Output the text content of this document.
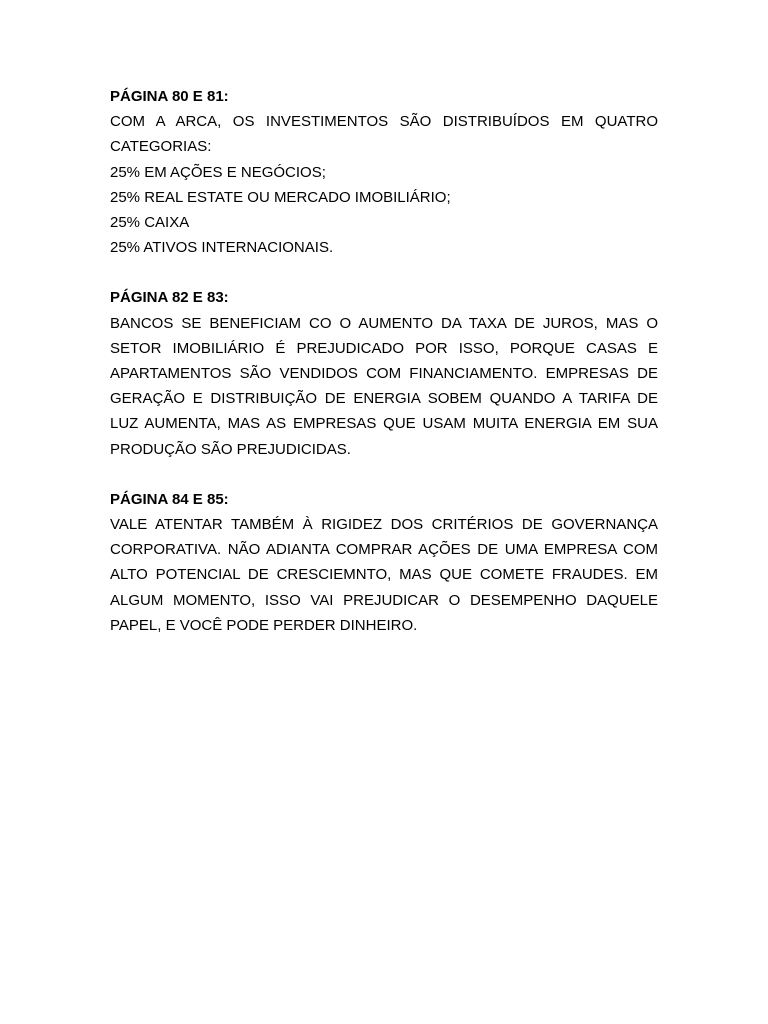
PÁGINA 80 E 81:

COM A ARCA, OS INVESTIMENTOS SÃO DISTRIBUÍDOS EM QUATRO CATEGORIAS:

25% EM AÇÕES E NEGÓCIOS;
25% REAL ESTATE OU MERCADO IMOBILIÁRIO;
25% CAIXA
25% ATIVOS INTERNACIONAIS.
PÁGINA 82 E 83:

BANCOS SE BENEFICIAM CO O AUMENTO DA TAXA DE JUROS, MAS O SETOR IMOBILIÁRIO É PREJUDICADO POR ISSO, PORQUE CASAS E APARTAMENTOS SÃO VENDIDOS COM FINANCIAMENTO. EMPRESAS DE GERAÇÃO E DISTRIBUIÇÃO DE ENERGIA SOBEM QUANDO A TARIFA DE LUZ AUMENTA, MAS AS EMPRESAS QUE USAM MUITA ENERGIA EM SUA PRODUÇÃO SÃO PREJUDICIDAS.

PÁGINA 84 E 85:

VALE ATENTAR TAMBÉM À RIGIDEZ DOS CRITÉRIOS DE GOVERNANÇA CORPORATIVA. NÃO ADIANTA COMPRAR AÇÕES DE UMA EMPRESA COM ALTO POTENCIAL DE CRESCIEMNTO, MAS QUE COMETE FRAUDES. EM ALGUM MOMENTO, ISSO VAI PREJUDICAR O DESEMPENHO DAQUELE PAPEL, E VOCÊ PODE PERDER DINHEIRO.
